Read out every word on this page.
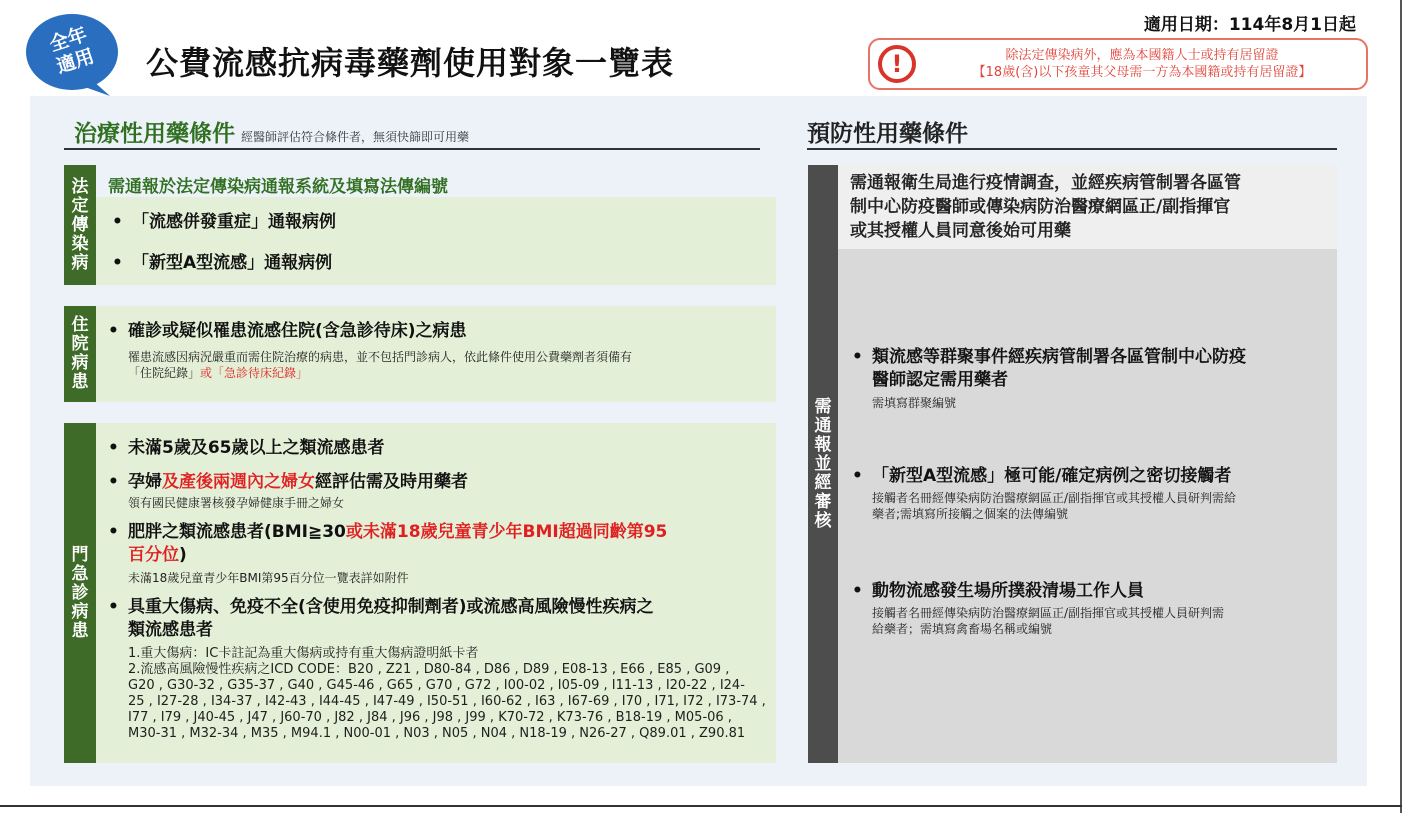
全年
適用	公費流感抗病毒藥劑使用對象一覽表
適用日期：114年8月1日起
!	除法定傳染病外，應為本國籍人士或持有居留證
【18歲(含)以下孩童其父母需一方為本國籍或持有居留證】
治療性用藥條件 經醫師評估符合條件者，無須快篩即可用藥	預防性用藥條件
法定傳染病
需通報於法定傳染病通報系統及填寫法傳編號
• 「流感併發重症」通報病例
• 「新型A型流感」通報病例
住院病患
• 確診或疑似罹患流感住院(含急診待床)之病患
罹患流感因病況嚴重而需住院治療的病患，並不包括門診病人，依此條件使用公費藥劑者須備有
「住院紀錄」或「急診待床紀錄」
門急診病患
• 未滿5歲及65歲以上之類流感患者
• 孕婦及產後兩週內之婦女經評估需及時用藥者
領有國民健康署核發孕婦健康手冊之婦女
• 肥胖之類流感患者(BMI≧30或未滿18歲兒童青少年BMI超過同齡第95
百分位)
未滿18歲兒童青少年BMI第95百分位一覽表詳如附件
• 具重大傷病、免疫不全(含使用免疫抑制劑者)或流感高風險慢性疾病之
類流感患者
1.重大傷病：IC卡註記為重大傷病或持有重大傷病證明紙卡者
2.流感高風險慢性疾病之ICD CODE：B20 , Z21 , D80-84 , D86 , D89 , E08-13 , E66 , E85 , G09 ,
G20 , G30-32 , G35-37 , G40 , G45-46 , G65 , G70 , G72 , I00-02 , I05-09 , I11-13 , I20-22 , I24-
25 , I27-28 , I34-37 , I42-43 , I44-45 , I47-49 , I50-51 , I60-62 , I63 , I67-69 , I70 , I71, I72 , I73-74 ,
I77 , I79 , J40-45 , J47 , J60-70 , J82 , J84 , J96 , J98 , J99 , K70-72 , K73-76 , B18-19 , M05-06 ,
M30-31 , M32-34 , M35 , M94.1 , N00-01 , N03 , N05 , N04 , N18-19 , N26-27 , Q89.01 , Z90.81
需通報並經審核
需通報衛生局進行疫情調查，並經疾病管制署各區管
制中心防疫醫師或傳染病防治醫療網區正/副指揮官
或其授權人員同意後始可用藥
• 類流感等群聚事件經疾病管制署各區管制中心防疫
醫師認定需用藥者
需填寫群聚編號
• 「新型A型流感」極可能/確定病例之密切接觸者
接觸者名冊經傳染病防治醫療網區正/副指揮官或其授權人員研判需給
藥者;需填寫所接觸之個案的法傳編號
• 動物流感發生場所撲殺清場工作人員
接觸者名冊經傳染病防治醫療網區正/副指揮官或其授權人員研判需
給藥者；需填寫禽畜場名稱或編號
